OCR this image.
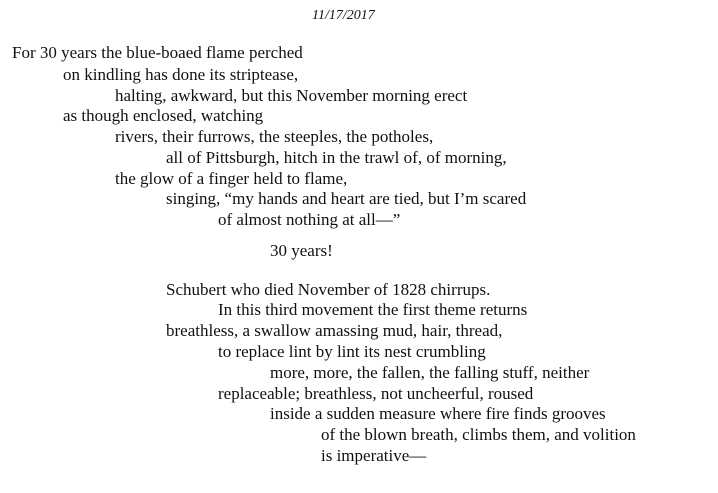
11/17/2017
For 30 years the blue-boaed flame perched
on kindling has done its striptease,
halting, awkward, but this November morning erect
as though enclosed, watching
rivers, their furrows, the steeples, the potholes,
all of Pittsburgh, hitch in the trawl of, of morning,
the glow of a finger held to flame,
singing, “my hands and heart are tied, but I’m scared
of almost nothing at all—”
30 years!
Schubert who died November of 1828 chirrups.
In this third movement the first theme returns
breathless, a swallow amassing mud, hair, thread,
to replace lint by lint its nest crumbling
more, more, the fallen, the falling stuff, neither
replaceable; breathless, not uncheerful, roused
inside a sudden measure where fire finds grooves
of the blown breath, climbs them, and volition
is imperative—
